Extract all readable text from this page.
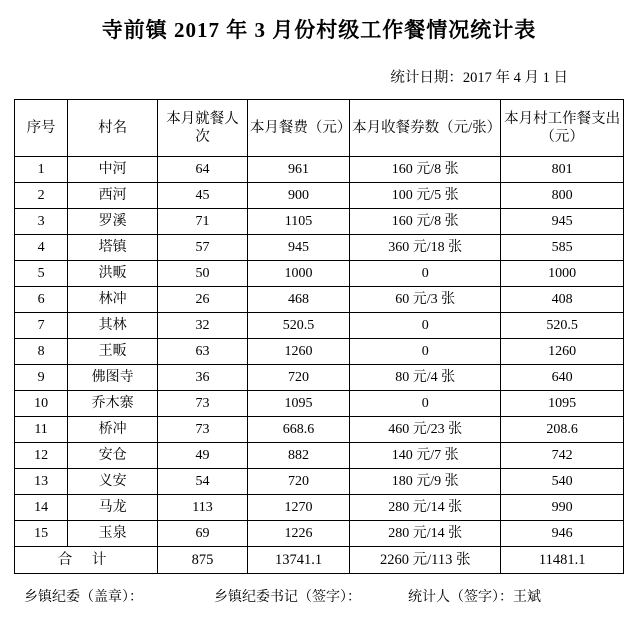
寺前镇 2017 年 3 月份村级工作餐情况统计表
统计日期：2017 年 4 月 1 日
序号	村名	本月就餐人次	本月餐费（元）	本月收餐券数（元/张）	本月村工作餐支出（元）
1	中河	64	961	160 元/8 张	801
2	西河	45	900	100 元/5 张	800
3	罗溪	71	1105	160 元/8 张	945
4	塔镇	57	945	360 元/18 张	585
5	洪畈	50	1000	0	1000
6	林冲	26	468	60 元/3 张	408
7	其林	32	520.5	0	520.5
8	王畈	63	1260	0	1260
9	佛图寺	36	720	80 元/4 张	640
10	乔木寨	73	1095	0	1095
11	桥冲	73	668.6	460 元/23 张	208.6
12	安仓	49	882	140 元/7 张	742
13	义安	54	720	180 元/9 张	540
14	马龙	113	1270	280 元/14 张	990
15	玉泉	69	1226	280 元/14 张	946
合 计		875	13741.1	2260 元/113 张	11481.1
乡镇纪委（盖章）：	乡镇纪委书记（签字）：	统计人（签字）：王斌
